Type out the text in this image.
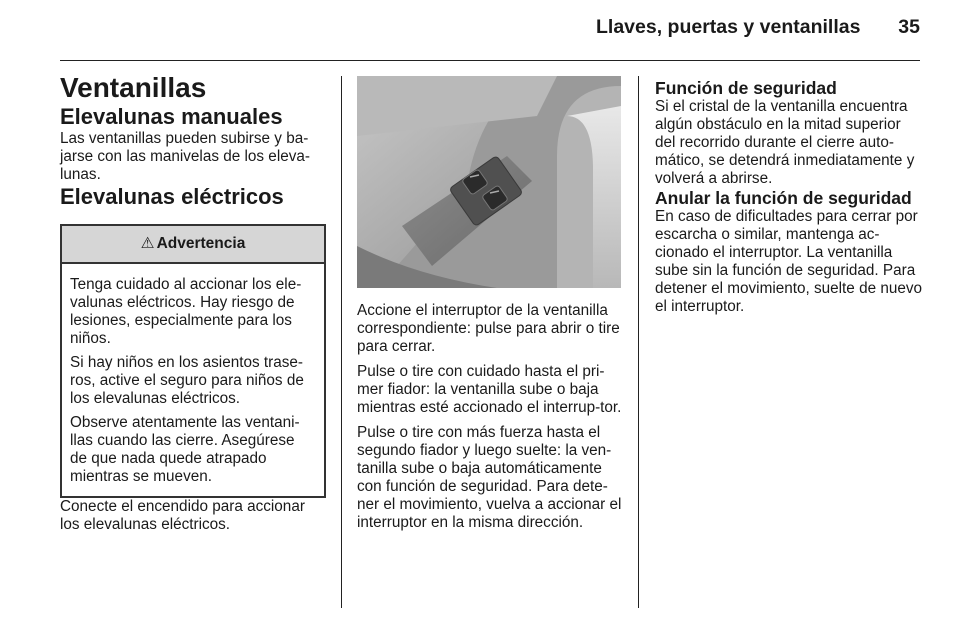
Llaves, puertas y ventanillas	35

Ventanillas

Elevalunas manuales

Las ventanillas pueden subirse y ba-jarse con las manivelas de los eleva-lunas.

Elevalunas eléctricos

⚠ Advertencia

Tenga cuidado al accionar los ele-valunas eléctricos. Hay riesgo de lesiones, especialmente para los niños.

Si hay niños en los asientos trase-ros, active el seguro para niños de los elevalunas eléctricos.

Observe atentamente las ventani-llas cuando las cierre. Asegúrese de que nada quede atrapado mientras se mueven.

Conecte el encendido para accionar los elevalunas eléctricos.

Accione el interruptor de la ventanilla correspondiente: pulse para abrir o tire para cerrar.

Pulse o tire con cuidado hasta el pri-mer fiador: la ventanilla sube o baja mientras esté accionado el interrup-tor.

Pulse o tire con más fuerza hasta el segundo fiador y luego suelte: la ven-tanilla sube o baja automáticamente con función de seguridad. Para dete-ner el movimiento, vuelva a accionar el interruptor en la misma dirección.

Función de seguridad

Si el cristal de la ventanilla encuentra algún obstáculo en la mitad superior del recorrido durante el cierre auto-mático, se detendrá inmediatamente y volverá a abrirse.

Anular la función de seguridad

En caso de dificultades para cerrar por escarcha o similar, mantenga ac-cionado el interruptor. La ventanilla sube sin la función de seguridad. Para detener el movimiento, suelte de nuevo el interruptor.
